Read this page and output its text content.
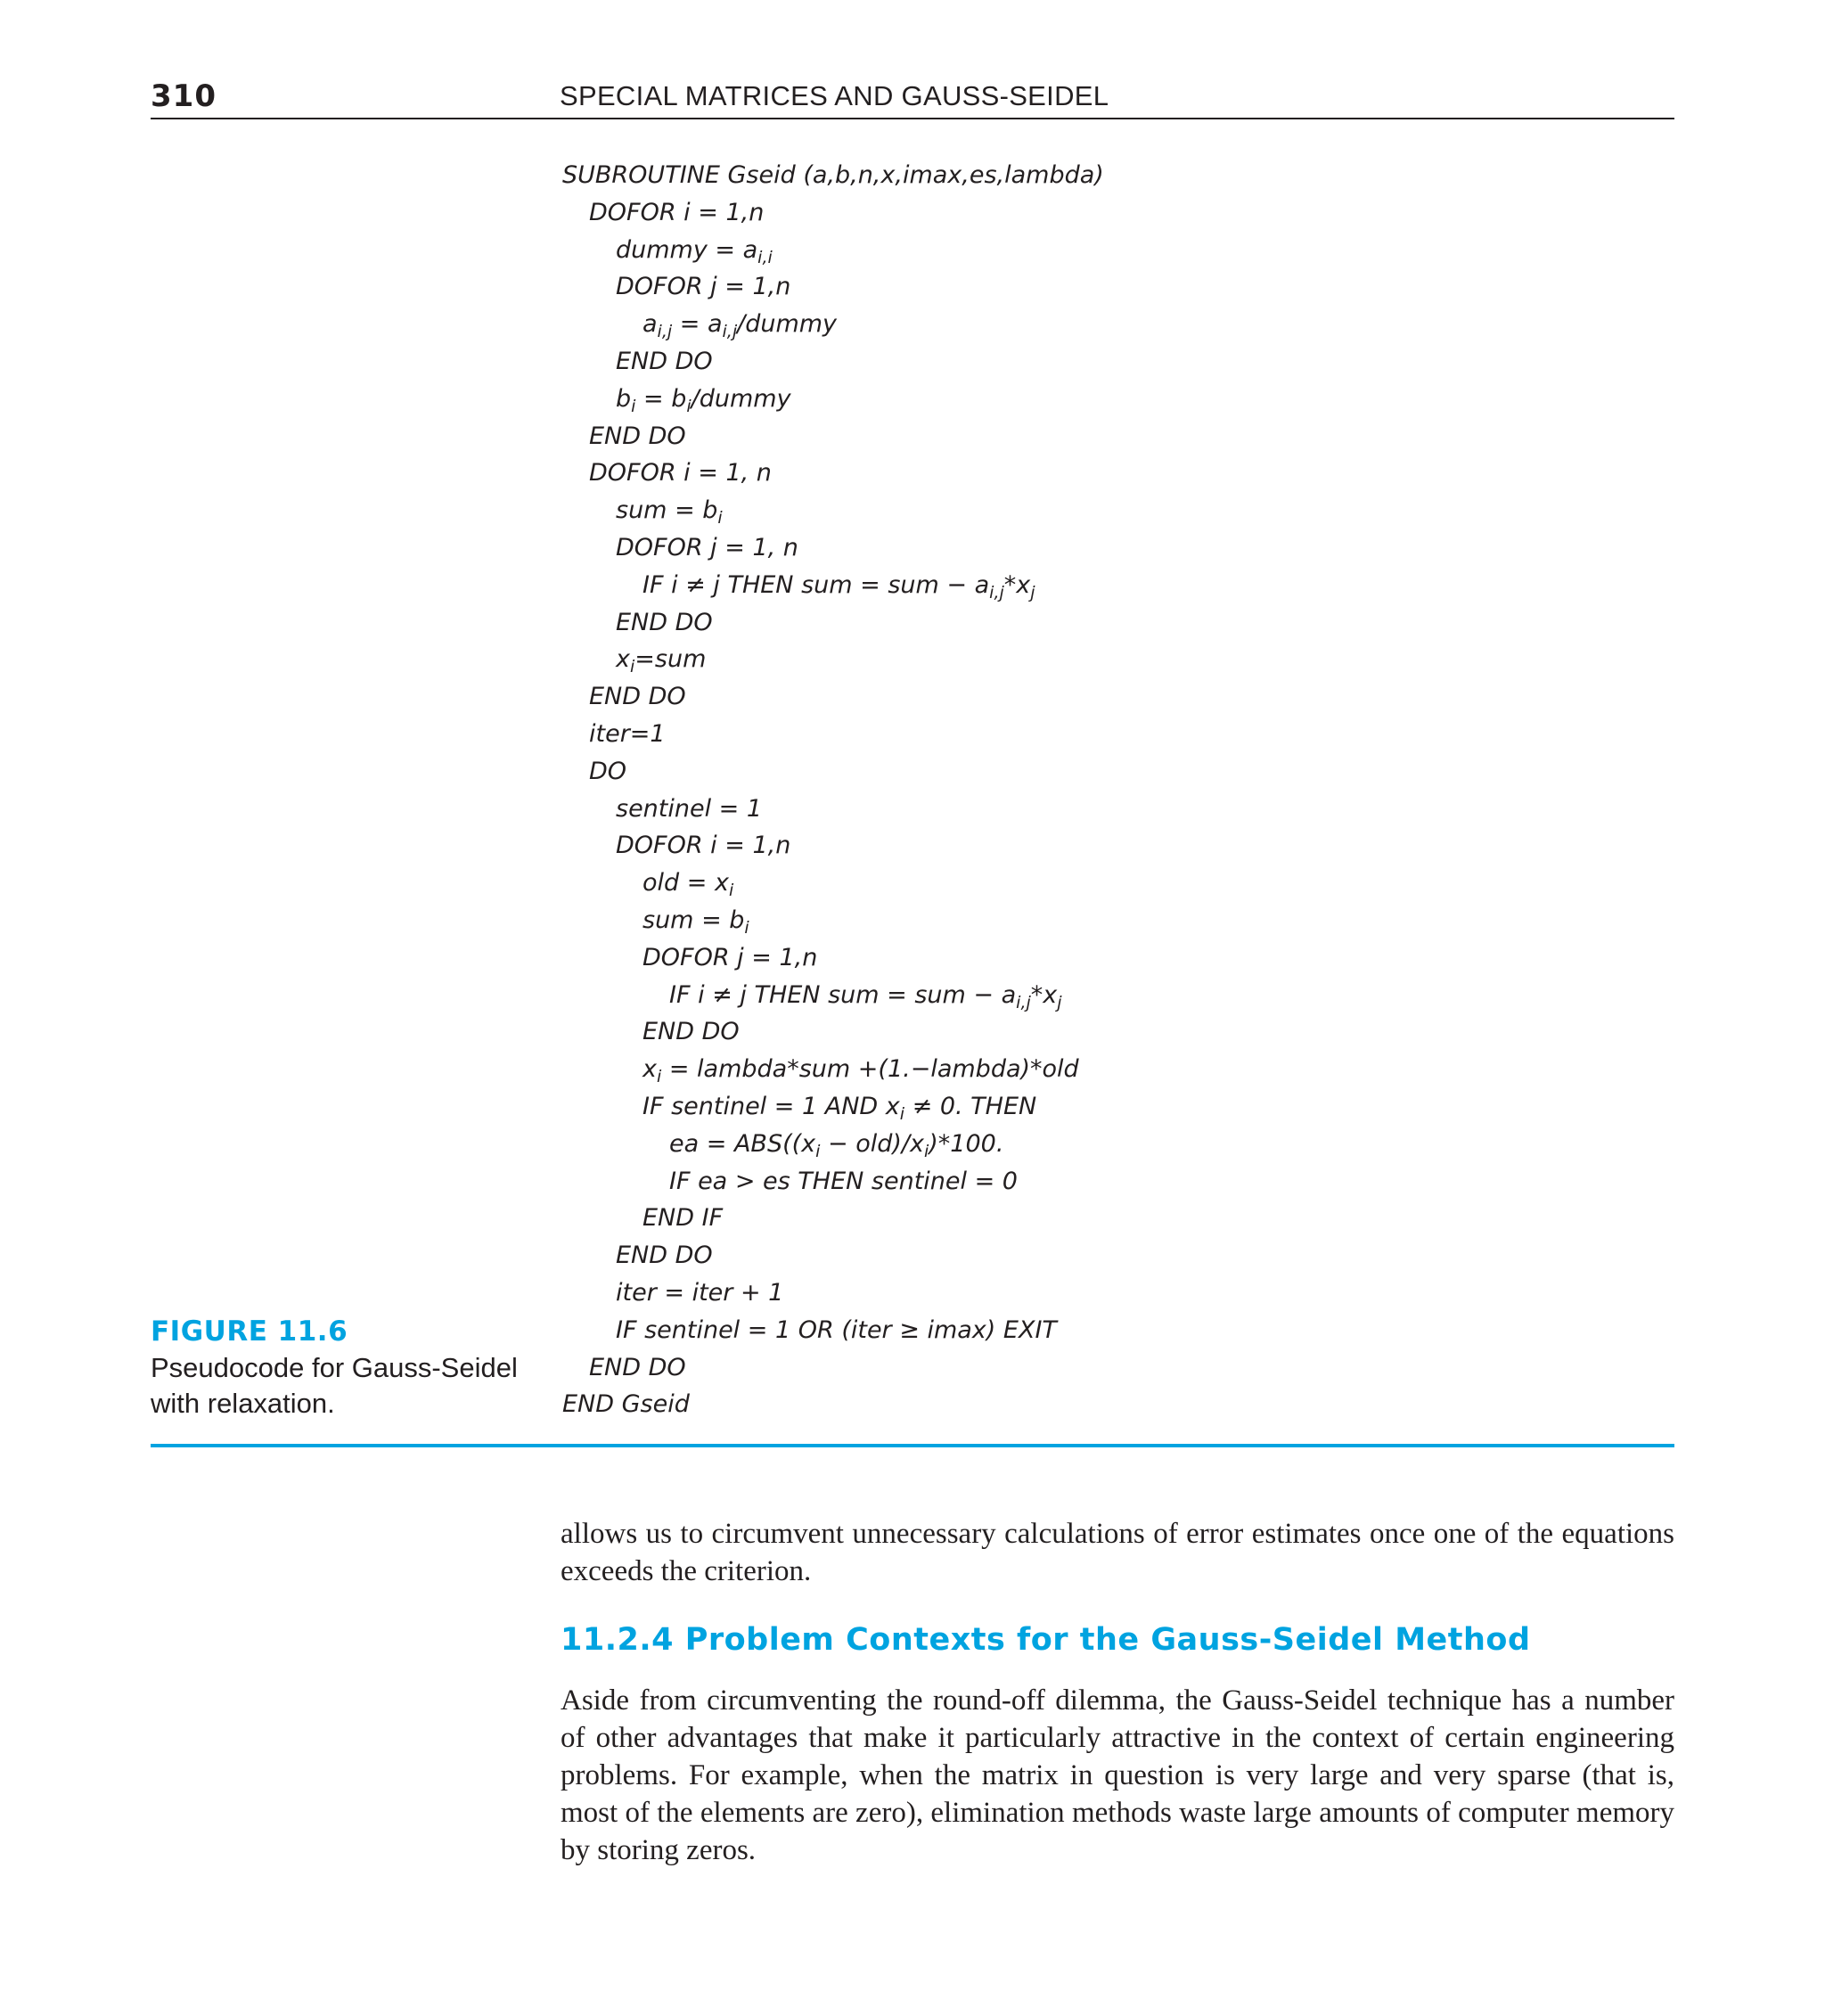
310	SPECIAL MATRICES AND GAUSS-SEIDEL
SUBROUTINE Gseid (a,b,n,x,imax,es,lambda)
DOFOR i = 1,n
dummy = $a_{i,i}$
DOFOR j = 1,n
$a_{i,j}$ = $a_{i,j}$/dummy
END DO
$b_i$ = $b_i$/dummy
END DO
DOFOR i = 1, n
sum = $b_i$
DOFOR j = 1, n
IF i ≠ j THEN sum = sum − $a_{i,j}*x_j$
END DO
$x_i=sum$
END DO
iter=1
DO
sentinel = 1
DOFOR i = 1,n
old = $x_i$
sum = $b_i$
DOFOR j = 1,n
IF i ≠ j THEN sum = sum − $a_{i,j}*x_j$
END DO
$x_i$ = lambda*sum +(1.−lambda)*old
IF sentinel = 1 AND $x_i \ne 0$. THEN
ea = $ABS((x_i - old)/x_i)*100$.
IF ea > es THEN sentinel = 0
END IF
END DO
iter = iter + 1
IF sentinel = 1 OR (iter ≥ imax) EXIT
END DO
END Gseid
FIGURE 11.6
Pseudocode for Gauss-Seidel with relaxation.

allows us to circumvent unnecessary calculations of error estimates once one of the equations exceeds the criterion.

11.2.4 Problem Contexts for the Gauss-Seidel Method

Aside from circumventing the round-off dilemma, the Gauss-Seidel technique has a number of other advantages that make it particularly attractive in the context of certain engineering problems. For example, when the matrix in question is very large and very sparse (that is, most of the elements are zero), elimination methods waste large amounts of computer memory by storing zeros.
